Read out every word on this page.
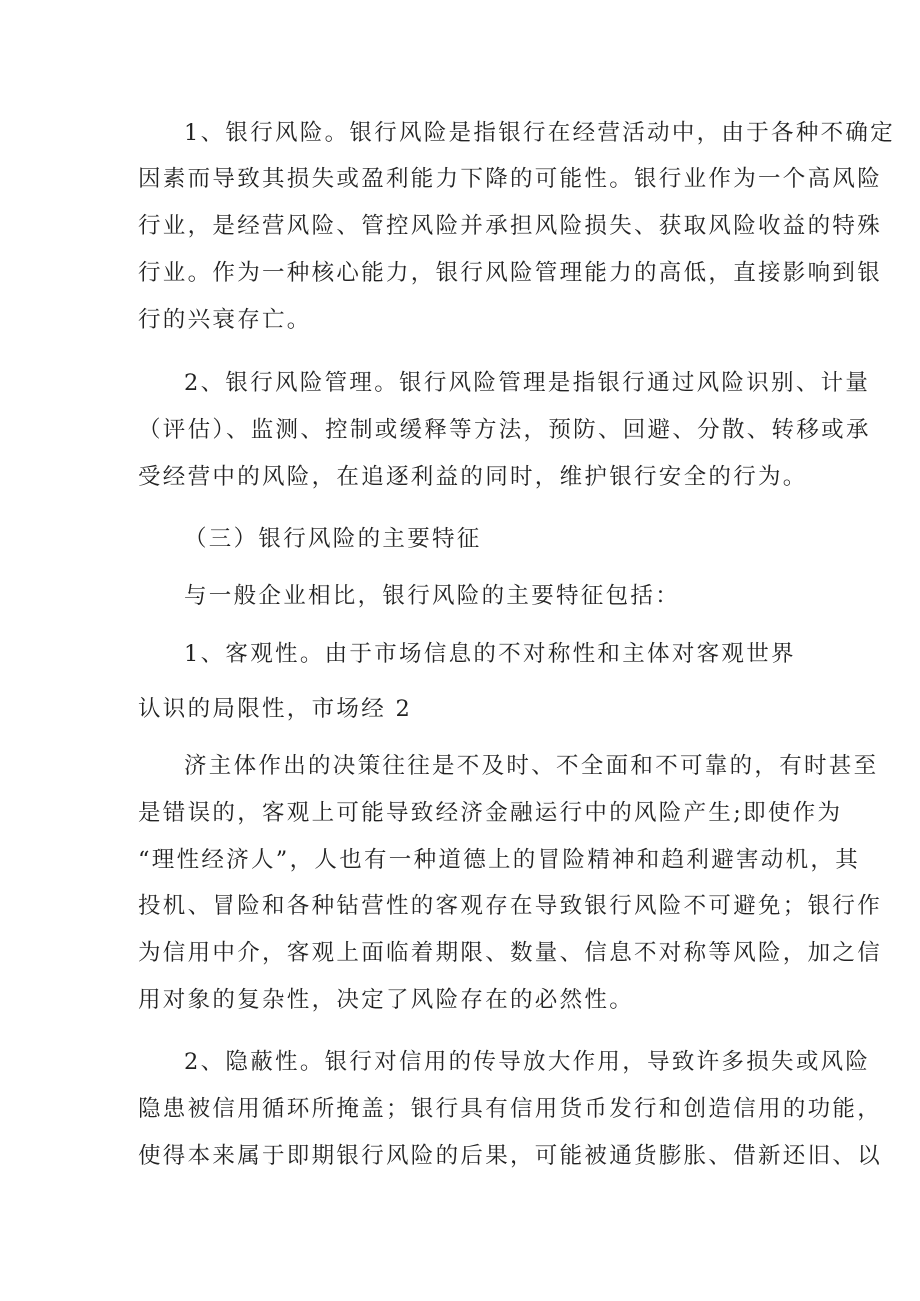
1、银行风险。银行风险是指银行在经营活动中，由于各种不确定
因素而导致其损失或盈利能力下降的可能性。银行业作为一个高风险
行业，是经营风险、管控风险并承担风险损失、获取风险收益的特殊
行业。作为一种核心能力，银行风险管理能力的高低，直接影响到银
行的兴衰存亡。
2、银行风险管理。银行风险管理是指银行通过风险识别、计量
（评估）、监测、控制或缓释等方法，预防、回避、分散、转移或承
受经营中的风险，在追逐利益的同时，维护银行安全的行为。
（三）银行风险的主要特征
与一般企业相比，银行风险的主要特征包括：
1、客观性。由于市场信息的不对称性和主体对客观世界
认识的局限性，市场经 2
济主体作出的决策往往是不及时、不全面和不可靠的，有时甚至
是错误的，客观上可能导致经济金融运行中的风险产生;即使作为
“理性经济人”，人也有一种道德上的冒险精神和趋利避害动机，其
投机、冒险和各种钻营性的客观存在导致银行风险不可避免；银行作
为信用中介，客观上面临着期限、数量、信息不对称等风险，加之信
用对象的复杂性，决定了风险存在的必然性。
2、隐蔽性。银行对信用的传导放大作用，导致许多损失或风险
隐患被信用循环所掩盖；银行具有信用货币发行和创造信用的功能，
使得本来属于即期银行风险的后果，可能被通货膨胀、借新还旧、以
